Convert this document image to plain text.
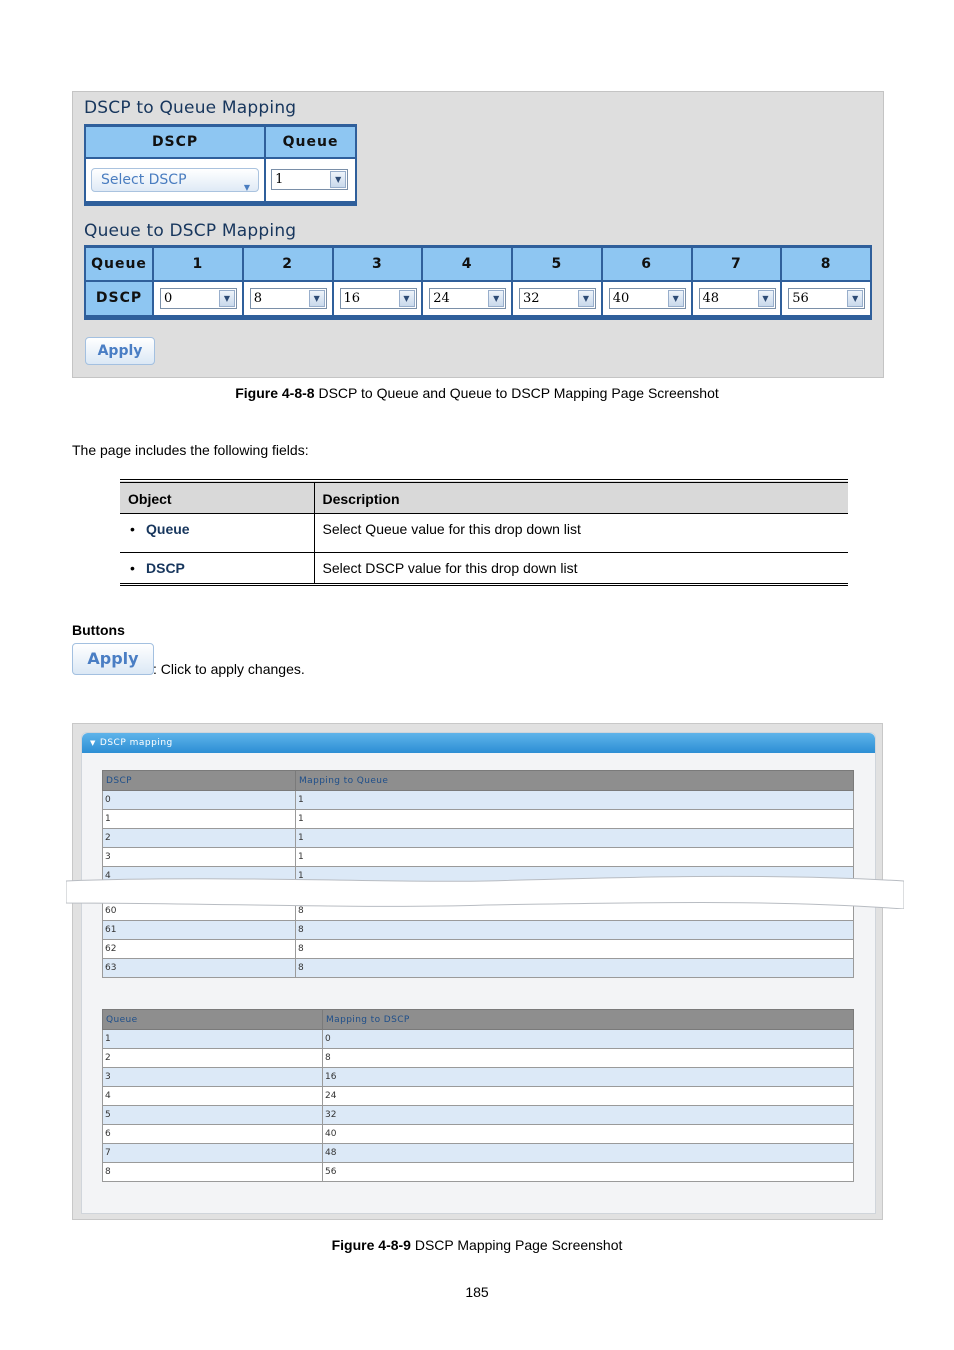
DSCP to Queue Mapping
DSCP	Queue
Select DSCP ▼	1 ▼
Queue to DSCP Mapping
Queue	1	2	3	4	5	6	7	8
DSCP	0 ▼	8 ▼	16 ▼	24 ▼	32 ▼	40 ▼	48 ▼	56 ▼
Apply
Figure 4-8-8 DSCP to Queue and Queue to DSCP Mapping Page Screenshot
The page includes the following fields:
Object	Description
• Queue	Select Queue value for this drop down list
• DSCP	Select DSCP value for this drop down list
Buttons
Apply
: Click to apply changes.
▼ DSCP mapping
DSCP	Mapping to Queue
0	1
1	1
2	1
3	1
4	1

60	8
61	8
62	8
63	8
Queue	Mapping to DSCP
1	0
2	8
3	16
4	24
5	32
6	40
7	48
8	56
Figure 4-8-9 DSCP Mapping Page Screenshot
185
